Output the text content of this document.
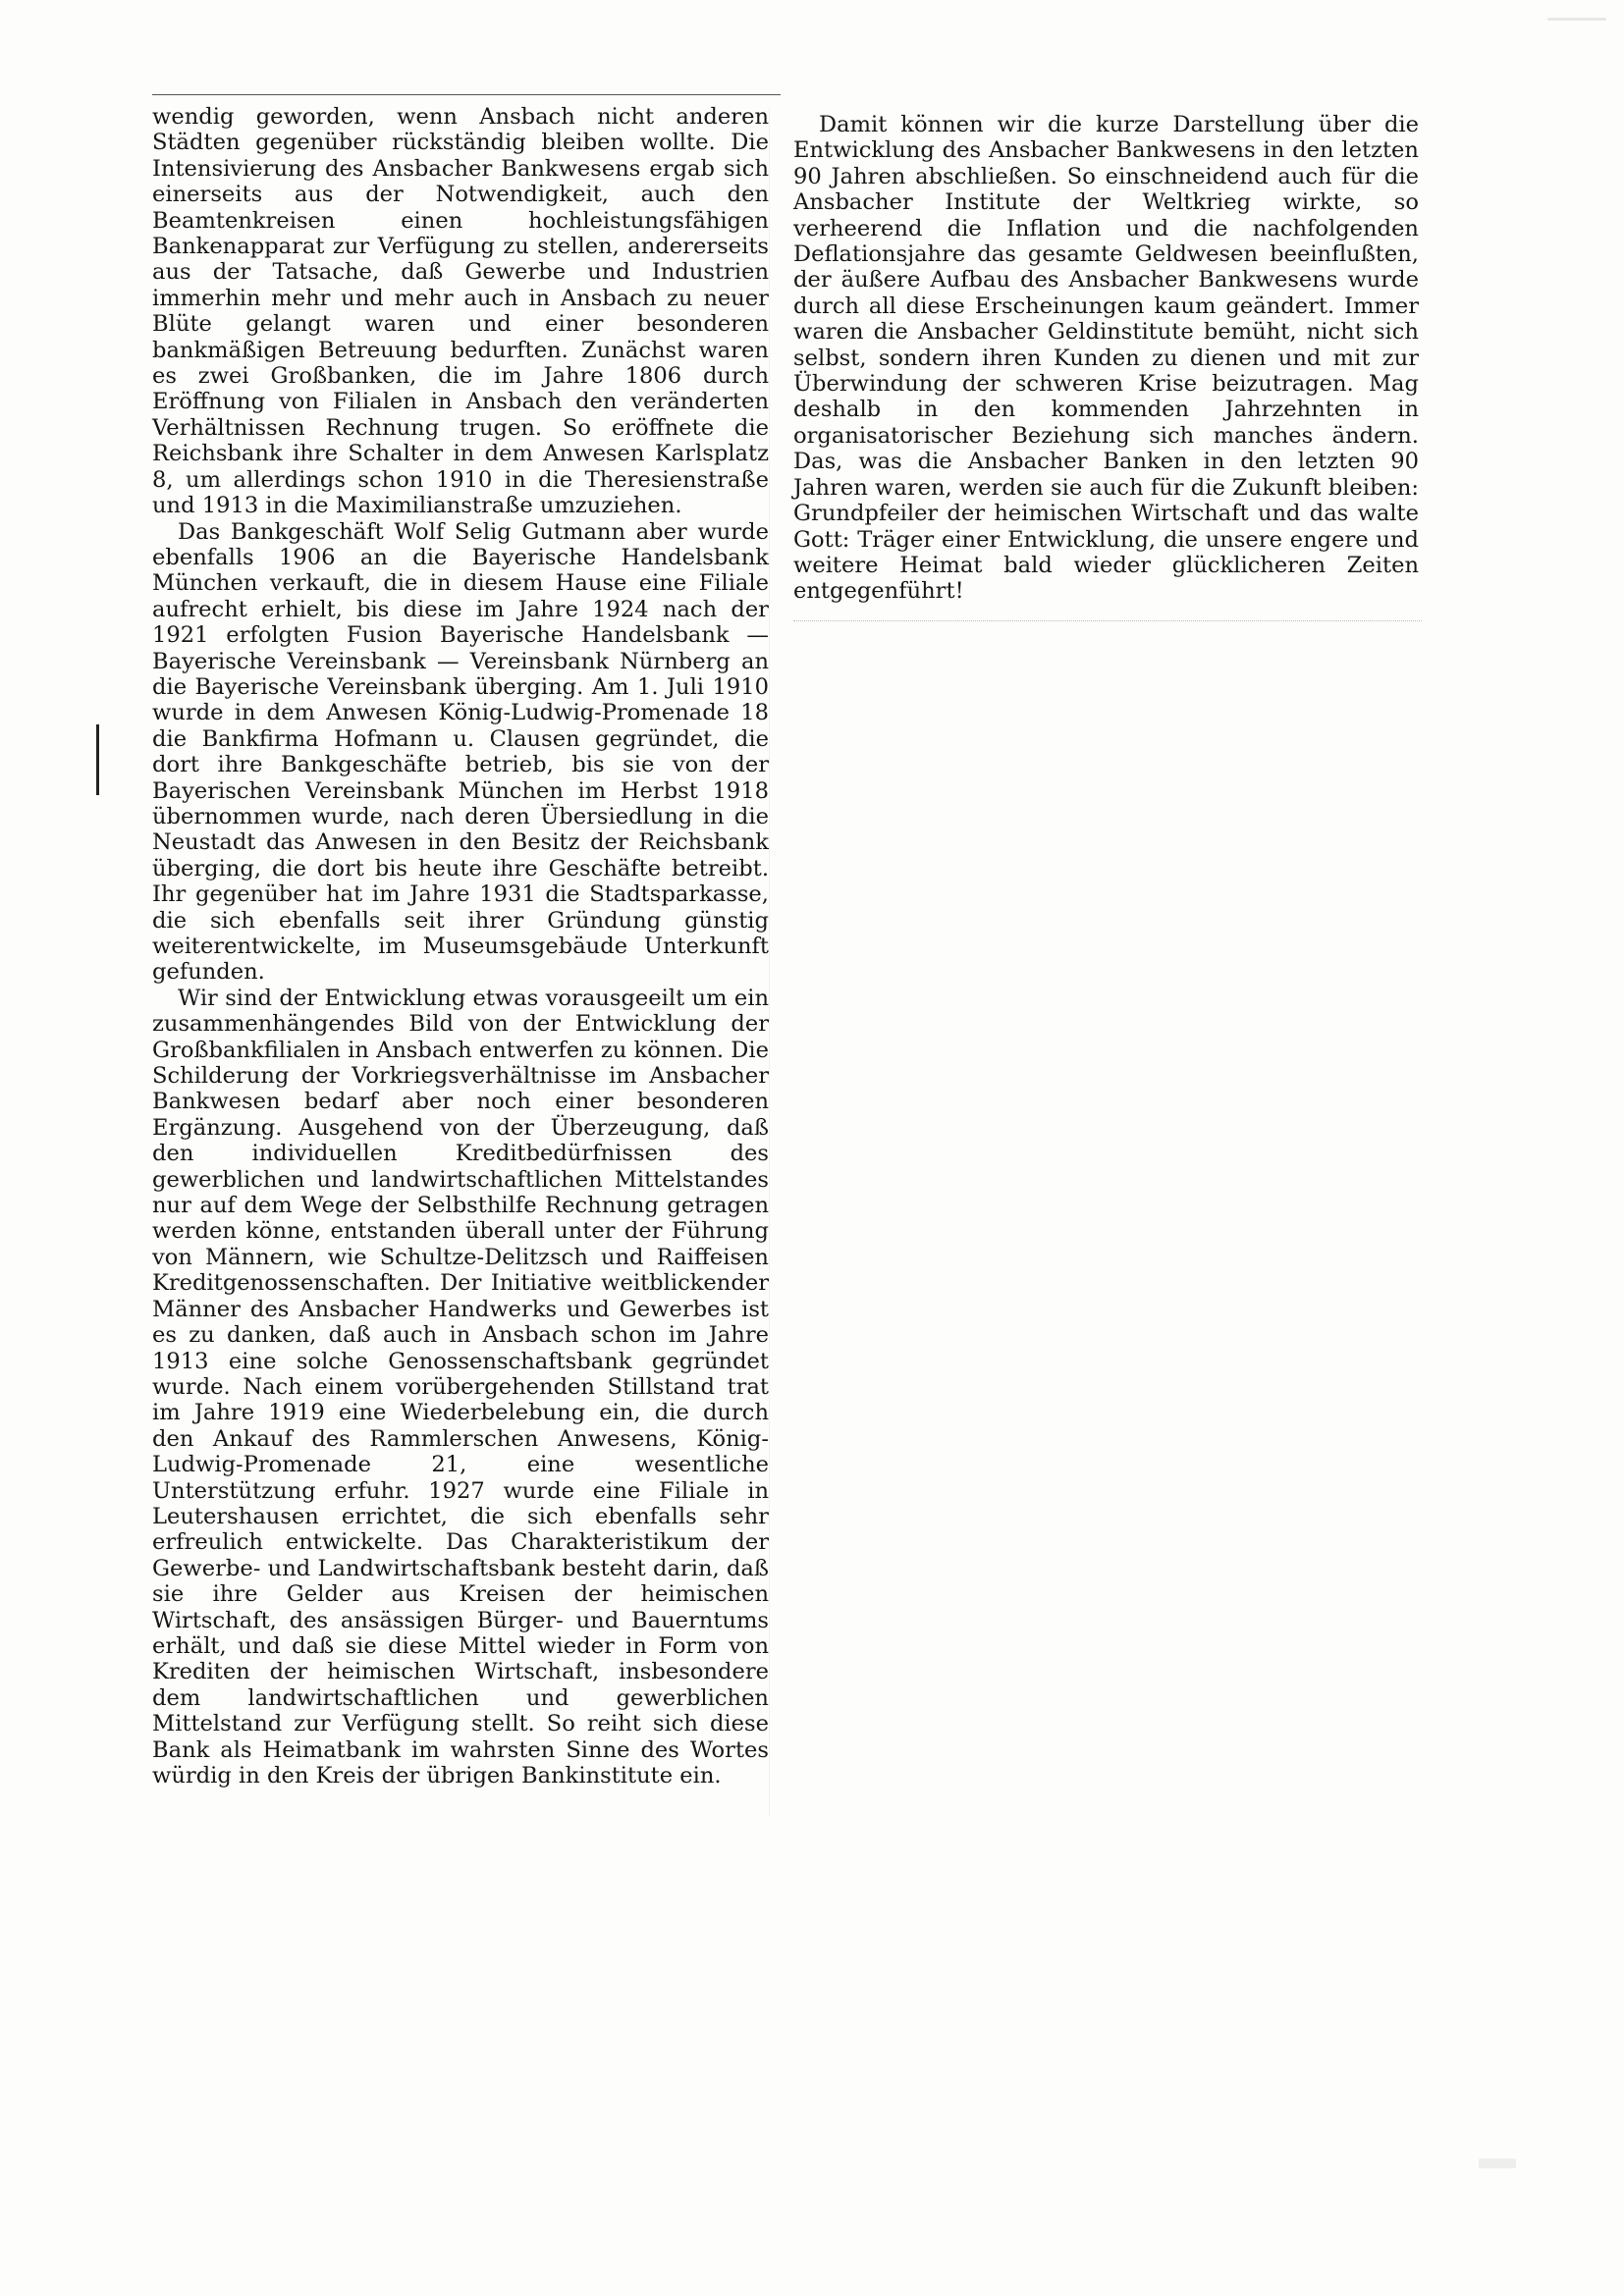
wendig geworden, wenn Ansbach nicht anderen Städten gegenüber rückständig bleiben wollte. Die Intensivierung des Ansbacher Bankwesens ergab sich einerseits aus der Notwendigkeit, auch den Beamtenkreisen einen hochleistungsfähigen Bankenapparat zur Verfügung zu stellen, andererseits aus der Tatsache, daß Gewerbe und Industrien immerhin mehr und mehr auch in Ansbach zu neuer Blüte gelangt waren und einer besonderen bankmäßigen Betreuung bedurften. Zunächst waren es zwei Großbanken, die im Jahre 1806 durch Eröffnung von Filialen in Ansbach den veränderten Verhältnissen Rechnung trugen. So eröffnete die Reichsbank ihre Schalter in dem Anwesen Karlsplatz 8, um allerdings schon 1910 in die Theresienstraße und 1913 in die Maximilianstraße umzuziehen.

Das Bankgeschäft Wolf Selig Gutmann aber wurde ebenfalls 1906 an die Bayerische Handelsbank München verkauft, die in diesem Hause eine Filiale aufrecht erhielt, bis diese im Jahre 1924 nach der 1921 erfolgten Fusion Bayerische Handelsbank — Bayerische Vereinsbank — Vereinsbank Nürnberg an die Bayerische Vereinsbank überging. Am 1. Juli 1910 wurde in dem Anwesen König-Ludwig-Promenade 18 die Bankfirma Hofmann u. Clausen gegründet, die dort ihre Bankgeschäfte betrieb, bis sie von der Bayerischen Vereinsbank München im Herbst 1918 übernommen wurde, nach deren Übersiedlung in die Neustadt das Anwesen in den Besitz der Reichsbank überging, die dort bis heute ihre Geschäfte betreibt. Ihr gegenüber hat im Jahre 1931 die Stadtsparkasse, die sich ebenfalls seit ihrer Gründung günstig weiterentwickelte, im Museumsgebäude Unterkunft gefunden.

Wir sind der Entwicklung etwas vorausgeeilt um ein zusammenhängendes Bild von der Entwicklung der Großbankfilialen in Ansbach entwerfen zu können. Die Schilderung der Vorkriegsverhältnisse im Ansbacher Bankwesen bedarf aber noch einer besonderen Ergänzung. Ausgehend von der Überzeugung, daß den individuellen Kreditbedürfnissen des gewerblichen und landwirtschaftlichen Mittelstandes nur auf dem Wege der Selbsthilfe Rechnung getragen werden könne, entstanden überall unter der Führung von Männern, wie Schultze-Delitzsch und Raiffeisen Kreditgenossenschaften. Der Initiative weitblickender Männer des Ansbacher Handwerks und Gewerbes ist es zu danken, daß auch in Ansbach schon im Jahre 1913 eine solche Genossenschaftsbank gegründet wurde. Nach einem vorübergehenden Stillstand trat im Jahre 1919 eine Wiederbelebung ein, die durch den Ankauf des Rammlerschen Anwesens, König-Ludwig-Promenade 21, eine wesentliche Unterstützung erfuhr. 1927 wurde eine Filiale in Leutershausen errichtet, die sich ebenfalls sehr erfreulich entwickelte. Das Charakteristikum der Gewerbe- und Landwirtschaftsbank besteht darin, daß sie ihre Gelder aus Kreisen der heimischen Wirtschaft, des ansässigen Bürger- und Bauerntums erhält, und daß sie diese Mittel wieder in Form von Krediten der heimischen Wirtschaft, insbesondere dem landwirtschaftlichen und gewerblichen Mittelstand zur Verfügung stellt. So reiht sich diese Bank als Heimatbank im wahrsten Sinne des Wortes würdig in den Kreis der übrigen Bankinstitute ein.

Damit können wir die kurze Darstellung über die Entwicklung des Ansbacher Bankwesens in den letzten 90 Jahren abschließen. So einschneidend auch für die Ansbacher Institute der Weltkrieg wirkte, so verheerend die Inflation und die nachfolgenden Deflationsjahre das gesamte Geldwesen beeinflußten, der äußere Aufbau des Ansbacher Bankwesens wurde durch all diese Erscheinungen kaum geändert. Immer waren die Ansbacher Geldinstitute bemüht, nicht sich selbst, sondern ihren Kunden zu dienen und mit zur Überwindung der schweren Krise beizutragen. Mag deshalb in den kommenden Jahrzehnten in organisatorischer Beziehung sich manches ändern. Das, was die Ansbacher Banken in den letzten 90 Jahren waren, werden sie auch für die Zukunft bleiben: Grundpfeiler der heimischen Wirtschaft und das walte Gott: Träger einer Entwicklung, die unsere engere und weitere Heimat bald wieder glücklicheren Zeiten entgegenführt!
